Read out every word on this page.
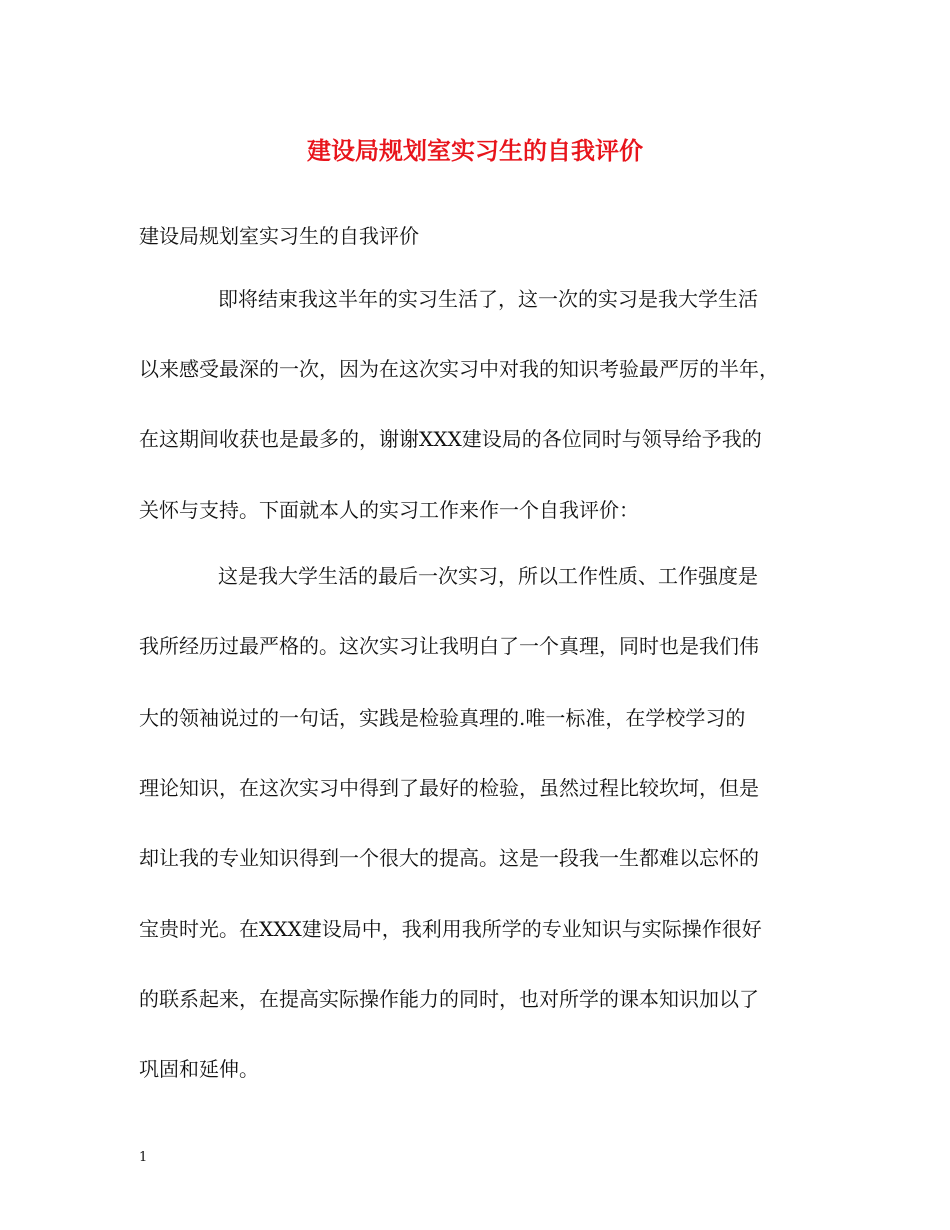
建设局规划室实习生的自我评价
建设局规划室实习生的自我评价
即将结束我这半年的实习生活了，这一次的实习是我大学生活
以来感受最深的一次，因为在这次实习中对我的知识考验最严厉的半年，
在这期间收获也是最多的，谢谢XXX建设局的各位同时与领导给予我的
关怀与支持。下面就本人的实习工作来作一个自我评价：
这是我大学生活的最后一次实习，所以工作性质、工作强度是
我所经历过最严格的。这次实习让我明白了一个真理，同时也是我们伟
大的领袖说过的一句话，实践是检验真理的.唯一标准，在学校学习的
理论知识，在这次实习中得到了最好的检验，虽然过程比较坎坷，但是
却让我的专业知识得到一个很大的提高。这是一段我一生都难以忘怀的
宝贵时光。在XXX建设局中，我利用我所学的专业知识与实际操作很好
的联系起来，在提高实际操作能力的同时，也对所学的课本知识加以了
巩固和延伸。
1
